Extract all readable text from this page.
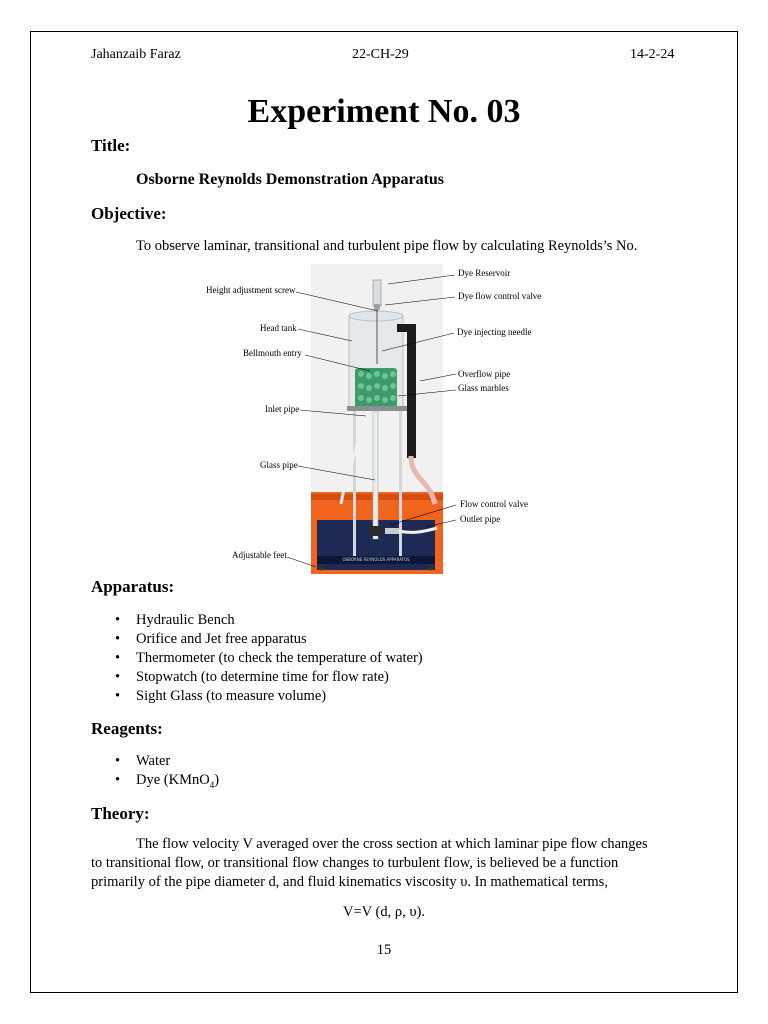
Jahanzaib Faraz	22-CH-29	14-2-24
Experiment No. 03
Title:
Osborne Reynolds Demonstration Apparatus
Objective:
To observe laminar, transitional and turbulent pipe flow by calculating Reynolds’s No.
OSBORNE REYNOLDS APPARATUS
Dye Reservoir
Height adjustment screw
Dye flow control valve
Head tank	Dye injecting needle
Bellmouth entry
Overflow pipe
Glass marbles
Inlet pipe
Glass pipe
Flow control valve
Outlet pipe
Adjustable feet
Apparatus:
• Hydraulic Bench
• Orifice and Jet free apparatus
• Thermometer (to check the temperature of water)
• Stopwatch (to determine time for flow rate)
• Sight Glass (to measure volume)
Reagents:
• Water
• Dye (KMnO$_4$)
Theory:
The flow velocity V averaged over the cross section at which laminar pipe flow changes
to transitional flow, or transitional flow changes to turbulent flow, is believed be a function
primarily of the pipe diameter d, and fluid kinematics viscosity υ. In mathematical terms,
V=V (d, ρ, υ).
15
